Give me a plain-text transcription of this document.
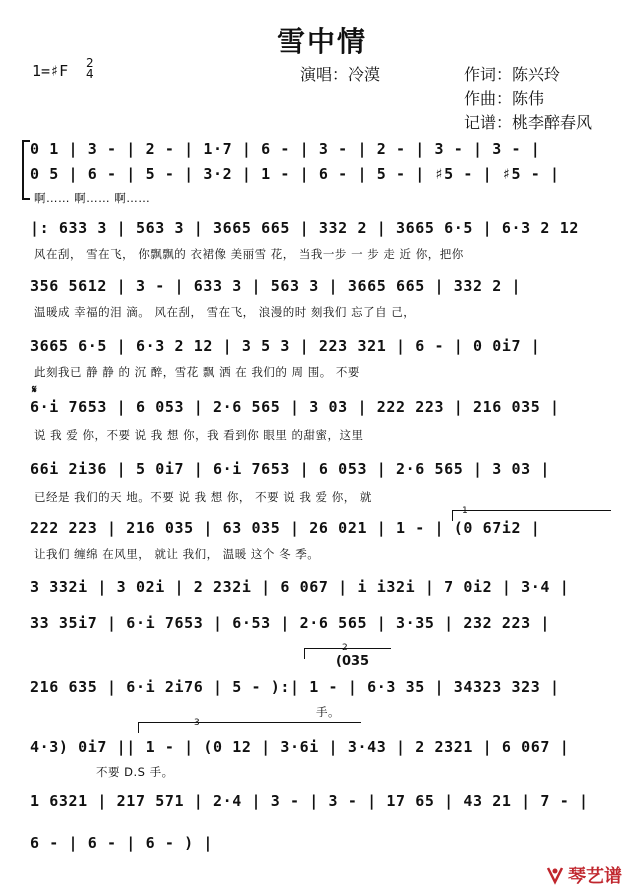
雪中情
1=♯F 2
4	演唱：冷漠	作词：陈兴玲
作曲：陈伟
记谱：桃李醉春风
0 1 | 3 - | 2 - | 1·7 | 6 - | 3 - | 2 - | 3 - | 3 - |
0 5 | 6 - | 5 - | 3·2 | 1 - | 6 - | 5 - | ♯5 - | ♯5 - |
啊…… 啊…… 啊……
|: 633 3 | 563 3 | 3665 665 | 332 2 | 3665 6·5 | 6·3 2 12
风在刮， 雪在飞， 你飘飘的 衣裙像 美丽雪 花， 当我一步 一 步 走 近 你，把你
356 5612 | 3 - | 633 3 | 563 3 | 3665 665 | 332 2 |
温暖成 幸福的泪 滴。 风在刮， 雪在飞， 浪漫的时 刻我们 忘了自 己，
3665 6·5 | 6·3 2 12 | 3 5 3 | 223 321 | 6 - | 0 0i7 |
此刻我已 静 静 的 沉 醉，雪花 飘 洒 在 我们的 周 围。 不要
𝄋
6·i 7653 | 6 053 | 2·6 565 | 3 03 | 222 223 | 216 035 |
说 我 爱 你，不要 说 我 想 你，我 看到你 眼里 的甜蜜，这里
66i 2i36 | 5 0i7 | 6·i 7653 | 6 053 | 2·6 565 | 3 03 |
已经是 我们的天 地。不要 说 我 想 你， 不要 说 我 爱 你， 就
1
222 223 | 216 035 | 63 035 | 26 021 | 1 - | (0 67i2 |
让我们 缠绵 在风里， 就让 我们， 温暖 这个 冬 季。
3 332i | 3 02i | 2 232i | 6 067 | i i32i | 7 0i2 | 3·4 |
33 35i7 | 6·i 7653 | 6·53 | 2·6 565 | 3·35 | 232 223 |
2
(035
216 635 | 6·i 2i76 | 5 - ):| 1 - | 6·3 35 | 34323 323 |
手。
3
4·3) 0i7 || 1 - | (0 12 | 3·6i | 3·43 | 2 2321 | 6 067 |
不要 D.S 手。
1 6321 | 217 571 | 2·4 | 3 - | 3 - | 17 65 | 43 21 | 7 - |
6 - | 6 - | 6 - ) |
琴艺谱
